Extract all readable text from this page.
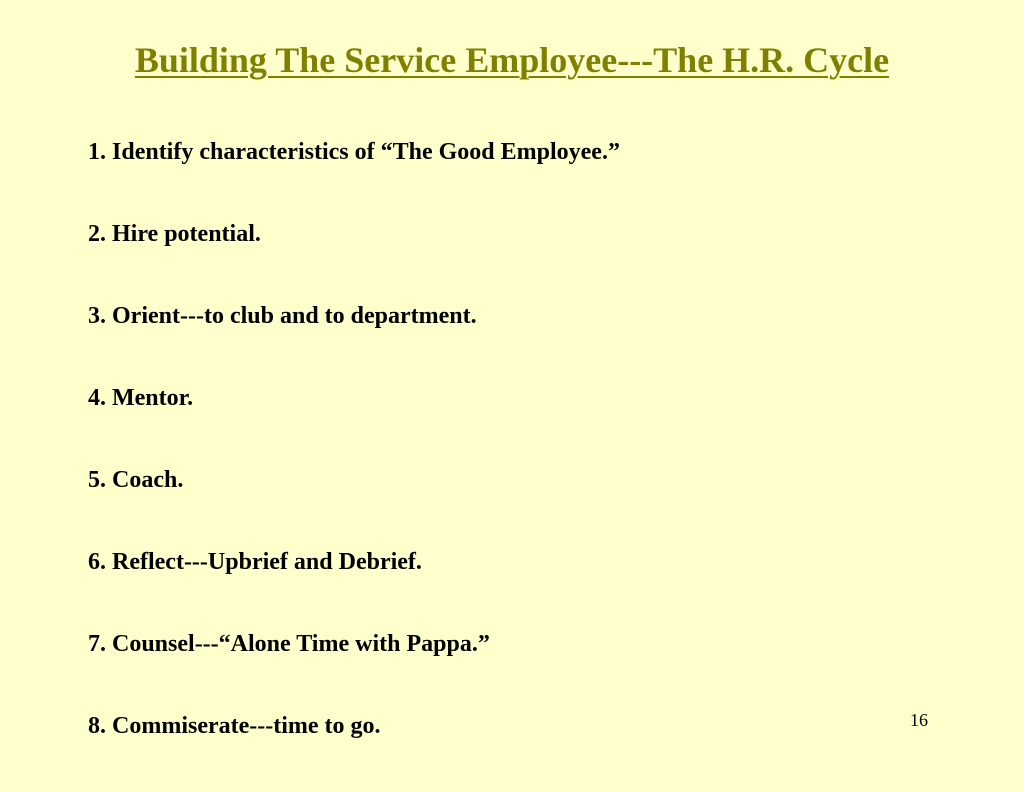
Building The Service Employee---The H.R. Cycle
1. Identify characteristics of “The Good Employee.”
2. Hire potential.
3. Orient---to club and to department.
4. Mentor.
5. Coach.
6. Reflect---Upbrief and Debrief.
7. Counsel---“Alone Time with Pappa.”
8. Commiserate---time to go.	16
